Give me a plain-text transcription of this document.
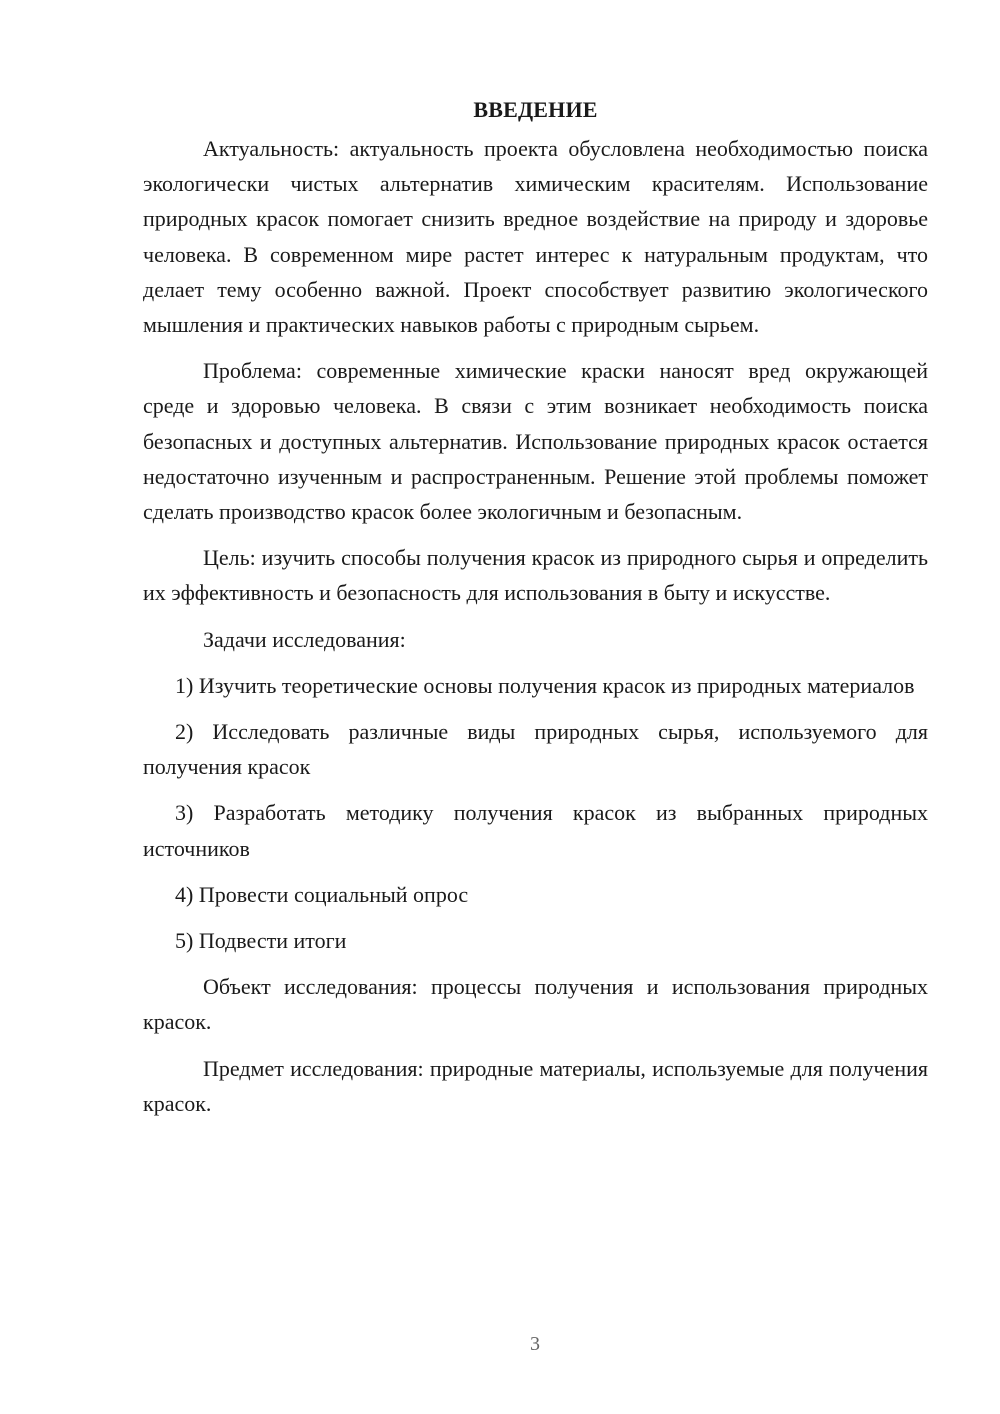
ВВЕДЕНИЕ

Актуальность: актуальность проекта обусловлена необходимостью поиска экологически чистых альтернатив химическим красителям. Использование природных красок помогает снизить вредное воздействие на природу и здоровье человека. В современном мире растет интерес к натуральным продуктам, что делает тему особенно важной. Проект способствует развитию экологического мышления и практических навыков работы с природным сырьем.

Проблема: современные химические краски наносят вред окружающей среде и здоровью человека. В связи с этим возникает необходимость поиска безопасных и доступных альтернатив. Использование природных красок остается недостаточно изученным и распространенным. Решение этой проблемы поможет сделать производство красок более экологичным и безопасным.

Цель: изучить способы получения красок из природного сырья и определить их эффективность и безопасность для использования в быту и искусстве.

Задачи исследования:

1) Изучить теоретические основы получения красок из природных материалов

2) Исследовать различные виды природных сырья, используемого для получения красок

3) Разработать методику получения красок из выбранных природных источников

4) Провести социальный опрос

5) Подвести итоги

Объект исследования: процессы получения и использования природных красок.

Предмет исследования: природные материалы, используемые для получения красок.

3
